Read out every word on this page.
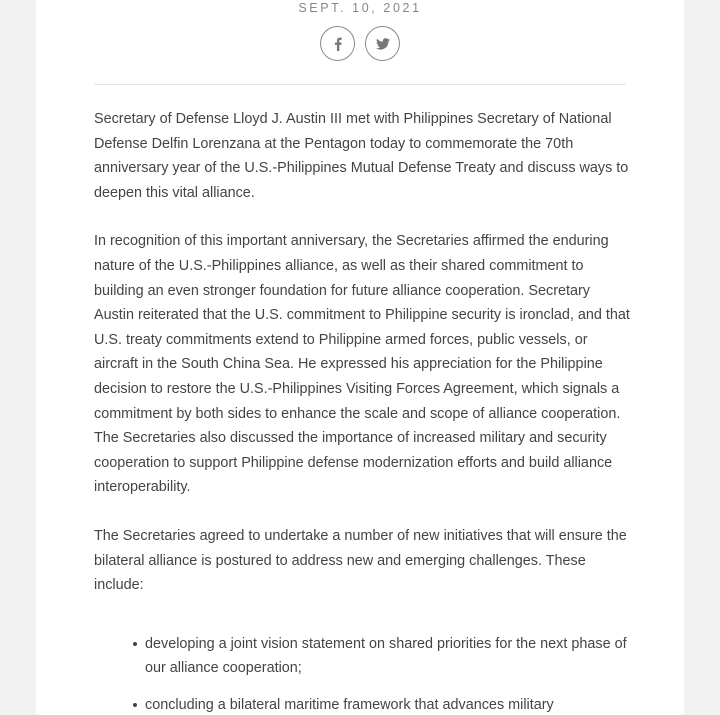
SEPT. 10, 2021

Secretary of Defense Lloyd J. Austin III met with Philippines Secretary of National Defense Delfin Lorenzana at the Pentagon today to commemorate the 70th anniversary year of the U.S.-Philippines Mutual Defense Treaty and discuss ways to deepen this vital alliance.

In recognition of this important anniversary, the Secretaries affirmed the enduring nature of the U.S.-Philippines alliance, as well as their shared commitment to building an even stronger foundation for future alliance cooperation. Secretary Austin reiterated that the U.S. commitment to Philippine security is ironclad, and that U.S. treaty commitments extend to Philippine armed forces, public vessels, or aircraft in the South China Sea. He expressed his appreciation for the Philippine decision to restore the U.S.-Philippines Visiting Forces Agreement, which signals a commitment by both sides to enhance the scale and scope of alliance cooperation. The Secretaries also discussed the importance of increased military and security cooperation to support Philippine defense modernization efforts and build alliance interoperability.

The Secretaries agreed to undertake a number of new initiatives that will ensure the bilateral alliance is postured to address new and emerging challenges. These include:

developing a joint vision statement on shared priorities for the next phase of our alliance cooperation;
concluding a bilateral maritime framework that advances military
